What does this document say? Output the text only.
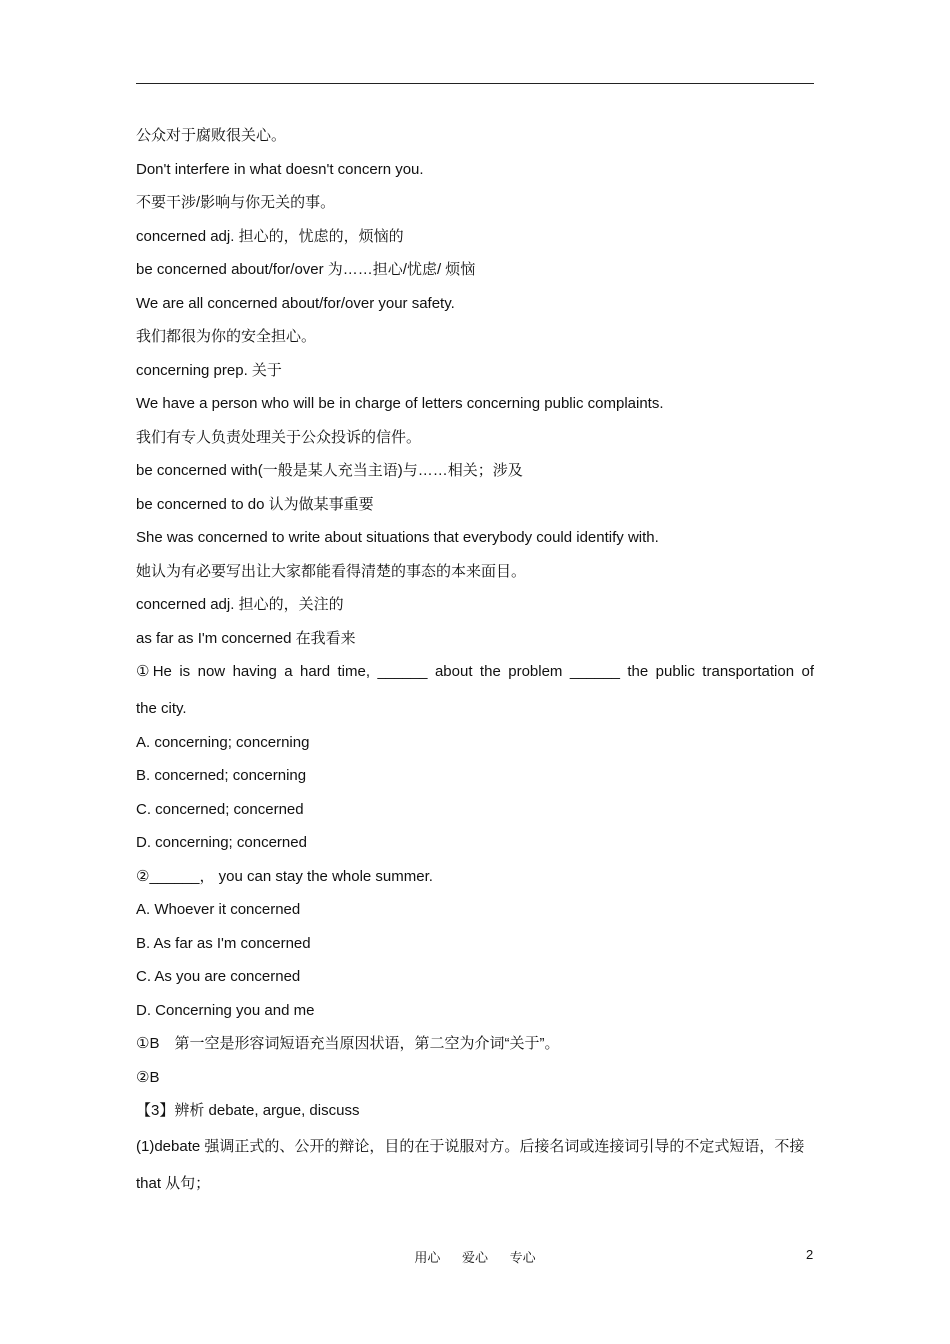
公众对于腐败很关心。
Don't interfere in what doesn't concern you.
不要干涉/影响与你无关的事。
concerned adj. 担心的，忧虑的，烦恼的
be concerned about/for/over 为……担心/忧虑/ 烦恼
We are all concerned about/for/over your safety.
我们都很为你的安全担心。
concerning prep. 关于
We have a person who will be in charge of letters concerning public complaints.
我们有专人负责处理关于公众投诉的信件。
be concerned with(一般是某人充当主语)与……相关；涉及
be concerned to do 认为做某事重要
She was concerned to write about situations that everybody could identify with.
她认为有必要写出让大家都能看得清楚的事态的本来面目。
concerned adj. 担心的，关注的
as far as I'm concerned 在我看来
①He is now having a hard time, ______ about the problem ______ the public transportation of
the city.
A. concerning; concerning
B. concerned; concerning
C. concerned; concerned
D. concerning; concerned
②______， you can stay the whole summer.
A. Whoever it concerned
B. As far as I'm concerned
C. As you are concerned
D. Concerning you and me
①B　第一空是形容词短语充当原因状语，第二空为介词“关于”。
②B
【3】辨析 debate, argue, discuss
(1)debate 强调正式的、公开的辩论，目的在于说服对方。后接名词或连接词引导的不定式短语，不接 that 从句；
用心 爱心 专心	2
